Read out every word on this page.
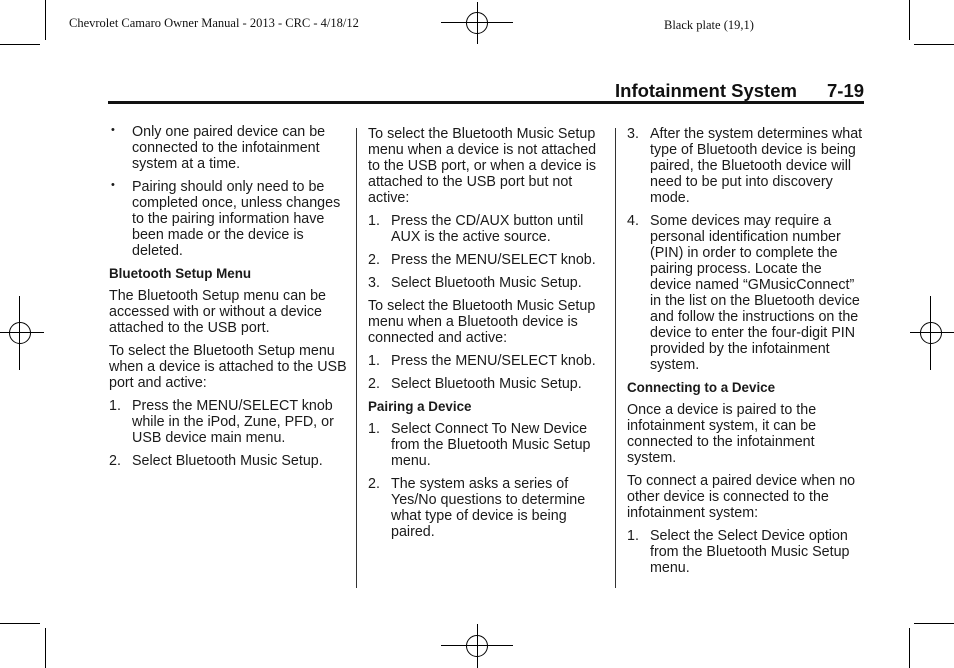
Chevrolet Camaro Owner Manual - 2013 - CRC - 4/18/12	Black plate (19,1)
Infotainment System 7-19
• Only one paired device can be connected to the infotainment system at a time.
• Pairing should only need to be completed once, unless changes to the pairing information have been made or the device is deleted.
Bluetooth Setup Menu

The Bluetooth Setup menu can be accessed with or without a device attached to the USB port.

To select the Bluetooth Setup menu when a device is attached to the USB port and active:

1. Press the MENU/SELECT knob while in the iPod, Zune, PFD, or USB device main menu.
2. Select Bluetooth Music Setup.

To select the Bluetooth Music Setup menu when a device is not attached to the USB port, or when a device is attached to the USB port but not active:

1. Press the CD/AUX button until AUX is the active source.
2. Press the MENU/SELECT knob.
3. Select Bluetooth Music Setup.

To select the Bluetooth Music Setup menu when a Bluetooth device is connected and active:

1. Press the MENU/SELECT knob.
2. Select Bluetooth Music Setup.
Pairing a Device
1. Select Connect To New Device from the Bluetooth Music Setup menu.
2. The system asks a series of Yes/No questions to determine what type of device is being paired.
3. After the system determines what type of Bluetooth device is being paired, the Bluetooth device will need to be put into discovery mode.
4. Some devices may require a personal identification number (PIN) in order to complete the pairing process. Locate the device named “GMusicConnect” in the list on the Bluetooth device and follow the instructions on the device to enter the four-digit PIN provided by the infotainment system.
Connecting to a Device

Once a device is paired to the infotainment system, it can be connected to the infotainment system.

To connect a paired device when no other device is connected to the infotainment system:

1. Select the Select Device option from the Bluetooth Music Setup menu.
